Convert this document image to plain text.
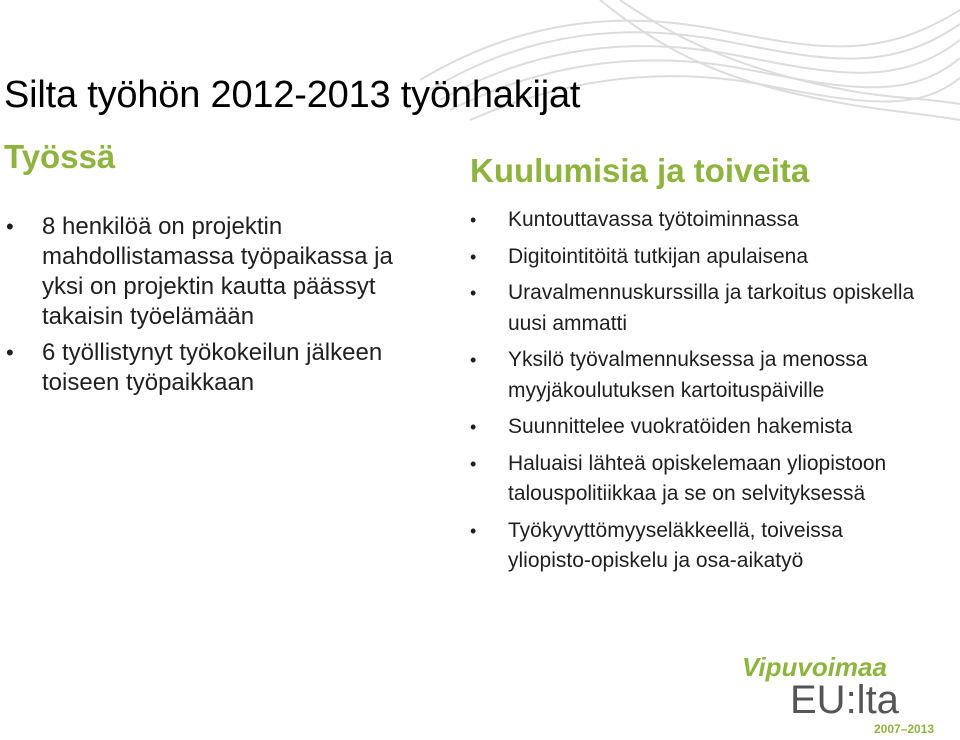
Silta työhön 2012-2013 työnhakijat
Työssä	Kuulumisia ja toiveita
• 8 henkilöä on projektin mahdollistamassa työpaikassa ja yksi on projektin kautta päässyt takaisin työelämään
• 6 työllistynyt työkokeilun jälkeen toiseen työpaikkaan
• Kuntouttavassa työtoiminnassa
• Digitointitöitä tutkijan apulaisena
• Uravalmennuskurssilla ja tarkoitus opiskella uusi ammatti
• Yksilö työvalmennuksessa ja menossa myyjäkoulutuksen kartoituspäiville
• Suunnittelee vuokratöiden hakemista
• Haluaisi lähteä opiskelemaan yliopistoon talouspolitiikkaa ja se on selvityksessä
• Työkyvyttömyyseläkkeellä, toiveissa yliopisto-opiskelu ja osa-aikatyö
Vipuvoimaa
EU:lta
2007–2013
